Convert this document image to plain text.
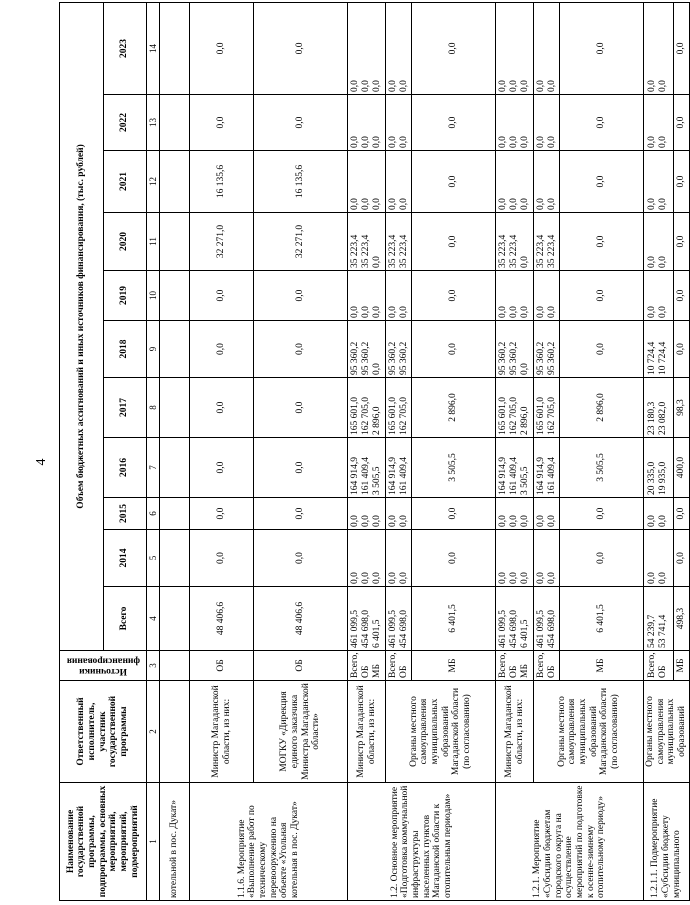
4
Наименование государственной программы, подпрограммы, основных мероприятий, мероприятий, подмероприятий	Ответственный исполнитель, участник государственной программы	Источники финансирования	Объем бюджетных ассигнований и иных источников финансирования, (тыс. рублей)										
			Всего	2014	2015	2016	2017	2018	2019	2020	2021	2022	2023
1	2	3	4	5	6	7	8	9	10	11	12	13	14
котельной в пос. Дукат»													
1.1.6. Мероприятие «Выполнение работ по техническому перевооружению на объекте «Угольная котельная в пос. Дукат»	Министр Магаданской области, из них:	ОБ	48 406,6	0,0	0,0	0,0	0,0	0,0	0,0	32 271,0	16 135,6	0,0	0,0
	МОГКУ «Дирекция единого заказчика Министра Магаданской области»	ОБ	48 406,6	0,0	0,0	0,0	0,0	0,0	0,0	32 271,0	16 135,6	0,0	0,0
1.2. Основное мероприятие «Подготовка коммунальной инфраструктуры населенных пунктов Магаданской области к отопительным периодам»	Министр Магаданской области, из них:	Всего, ОБ МБ	461 099,5 454 698,0 6 401,5	0,0 0,0 0,0	0,0 0,0 0,0	164 914,9 161 409,4 3 505,5	165 601,0 162 705,0 2 896,0	95 360,2 95 360,2 0,0	0,0 0,0 0,0	35 223,4 35 223,4 0,0	0,0 0,0 0,0	0,0 0,0 0,0	0,0 0,0 0,0

	Органы местного самоуправления муниципальных образований Магаданской области (по согласованию)	Всего, ОБ	461 099,5 454 698,0	0,0 0,0	0,0 0,0	164 914,9 161 409,4	165 601,0 162 705,0	95 360,2 95 360,2	0,0 0,0	35 223,4 35 223,4	0,0 0,0	0,0 0,0	0,0 0,0

		МБ	6 401,5	0,0	0,0	3 505,5	2 896,0	0,0	0,0	0,0	0,0	0,0	0,0
1.2.1. Мероприятие «Субсидии бюджетам городского округа на осуществление мероприятий по подготовке к осенне-зимнему отопительному периоду»	Министр Магаданской области, из них:	Всего, ОБ МБ	461 099,5 454 698,0 6 401,5	0,0 0,0 0,0	0,0 0,0 0,0	164 914,9 161 409,4 3 505,5	165 601,0 162 705,0 2 896,0	95 360,2 95 360,2 0,0	0,0 0,0 0,0	35 223,4 35 223,4 0,0	0,0 0,0 0,0	0,0 0,0 0,0	0,0 0,0 0,0

	Органы местного самоуправления муниципальных образований Магаданской области (по согласованию)	Всего, ОБ	461 099,5 454 698,0	0,0 0,0	0,0 0,0	164 914,9 161 409,4	165 601,0 162 705,0	95 360,2 95 360,2	0,0 0,0	35 223,4 35 223,4	0,0 0,0	0,0 0,0	0,0 0,0

		МБ	6 401,5	0,0	0,0	3 505,5	2 896,0	0,0	0,0	0,0	0,0	0,0	0,0
1.2.1.1. Подмероприятие «Субсидии бюджету муниципального	Органы местного самоуправления муниципальных образований	Всего, ОБ	54 239,7 53 741,4	0,0 0,0	0,0 0,0	20 335,0 19 935,0	23 180,3 23 082,0	10 724,4 10 724,4	0,0 0,0	0,0 0,0	0,0 0,0	0,0 0,0	0,0 0,0

		МБ	498,3	0,0	0,0	400,0	98,3	0,0	0,0	0,0	0,0	0,0	0,0
